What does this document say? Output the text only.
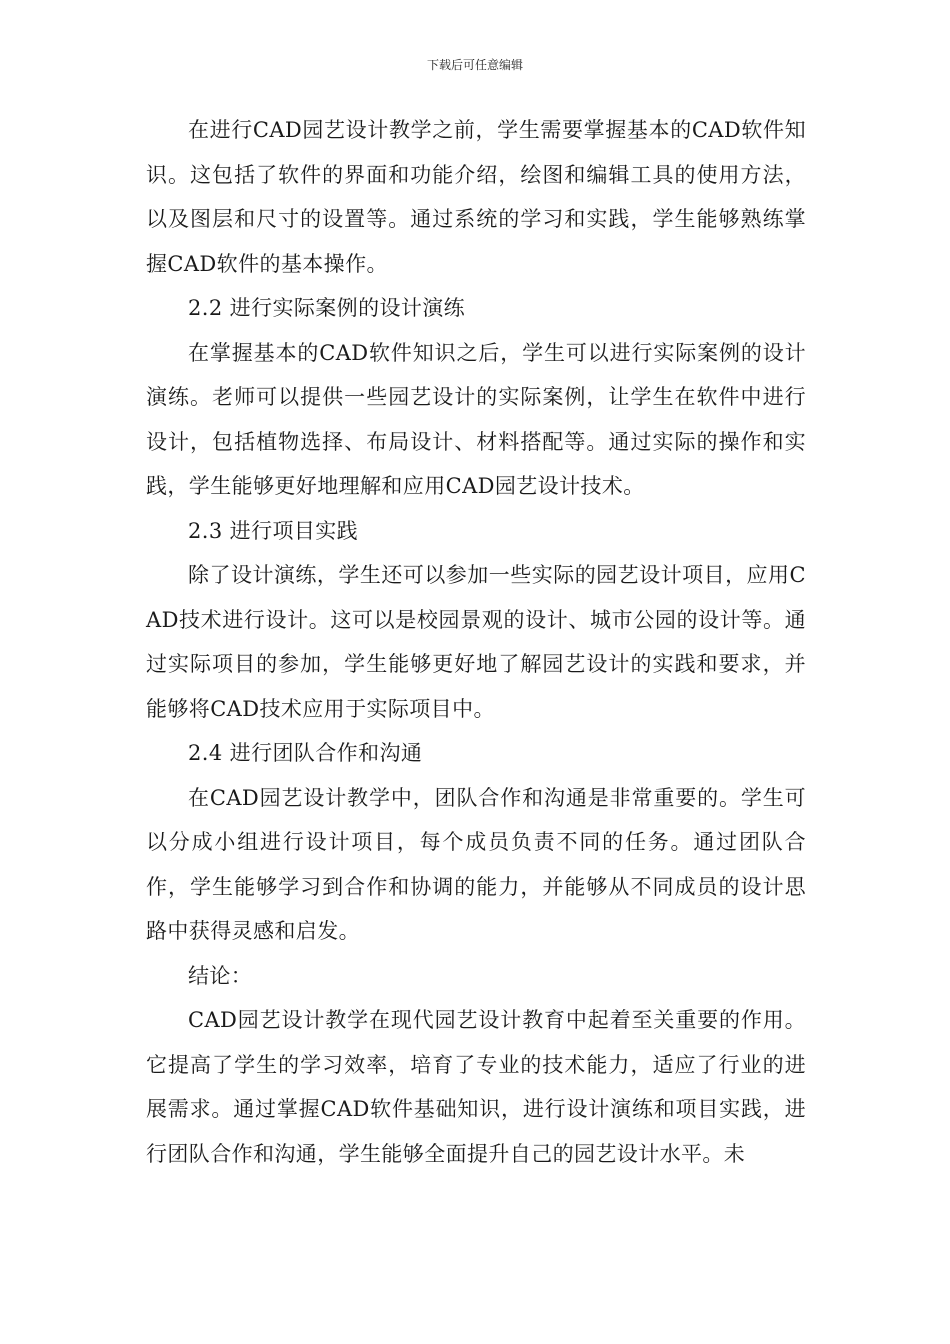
下载后可任意编辑

在进行CAD园艺设计教学之前，学生需要掌握基本的CAD软件知识。这包括了软件的界面和功能介绍，绘图和编辑工具的使用方法，以及图层和尺寸的设置等。通过系统的学习和实践，学生能够熟练掌握CAD软件的基本操作。

2.2 进行实际案例的设计演练

在掌握基本的CAD软件知识之后，学生可以进行实际案例的设计演练。老师可以提供一些园艺设计的实际案例，让学生在软件中进行设计，包括植物选择、布局设计、材料搭配等。通过实际的操作和实践，学生能够更好地理解和应用CAD园艺设计技术。

2.3 进行项目实践

除了设计演练，学生还可以参加一些实际的园艺设计项目，应用CAD技术进行设计。这可以是校园景观的设计、城市公园的设计等。通过实际项目的参加，学生能够更好地了解园艺设计的实践和要求，并能够将CAD技术应用于实际项目中。

2.4 进行团队合作和沟通

在CAD园艺设计教学中，团队合作和沟通是非常重要的。学生可以分成小组进行设计项目，每个成员负责不同的任务。通过团队合作，学生能够学习到合作和协调的能力，并能够从不同成员的设计思路中获得灵感和启发。

结论：

CAD园艺设计教学在现代园艺设计教育中起着至关重要的作用。它提高了学生的学习效率，培育了专业的技术能力，适应了行业的进展需求。通过掌握CAD软件基础知识，进行设计演练和项目实践，进行团队合作和沟通，学生能够全面提升自己的园艺设计水平。未
